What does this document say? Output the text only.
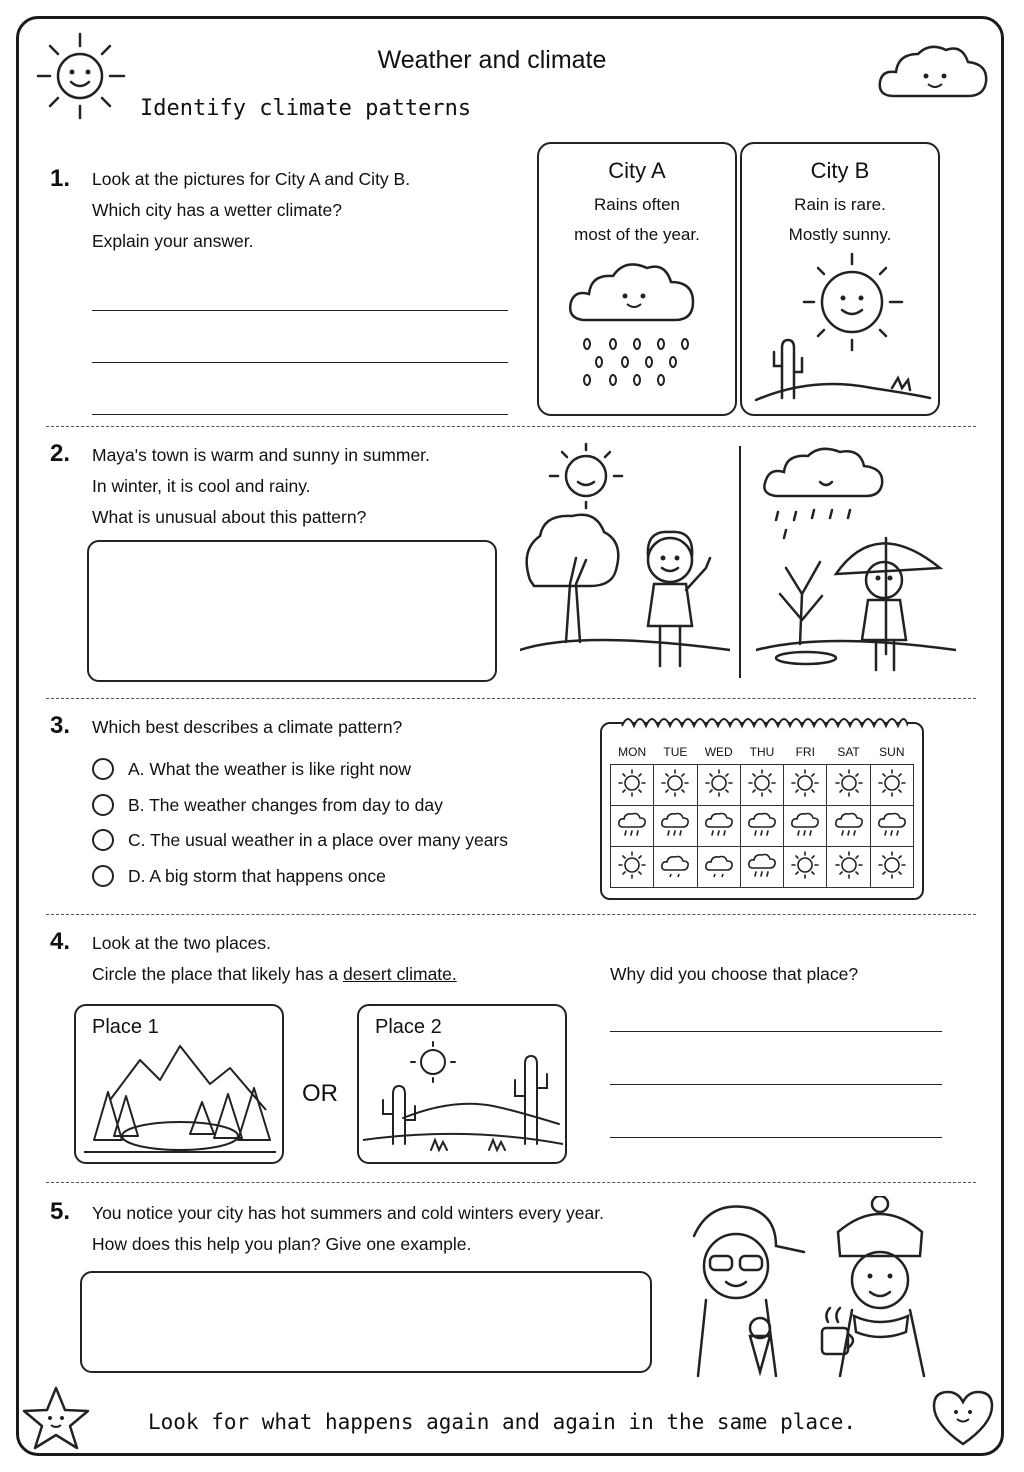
Weather and climate
Identify climate patterns
1. Look at the pictures for City A and City B.
Which city has a wetter climate?
Explain your answer.
City A
Rains often
most of the year.
City B
Rain is rare.
Mostly sunny.
2. Maya's town is warm and sunny in summer.
In winter, it is cool and rainy.
What is unusual about this pattern?
3. Which best describes a climate pattern?
A. What the weather is like right now
B. The weather changes from day to day
C. The usual weather in a place over many years
D. A big storm that happens once
MON	TUE	WED	THU	FRI	SAT	SUN

4. Look at the two places.
Circle the place that likely has a desert climate.	Why did you choose that place?
Place 1
OR
Place 2
5. You notice your city has hot summers and cold winters every year.
How does this help you plan? Give one example.
Look for what happens again and again in the same place.
